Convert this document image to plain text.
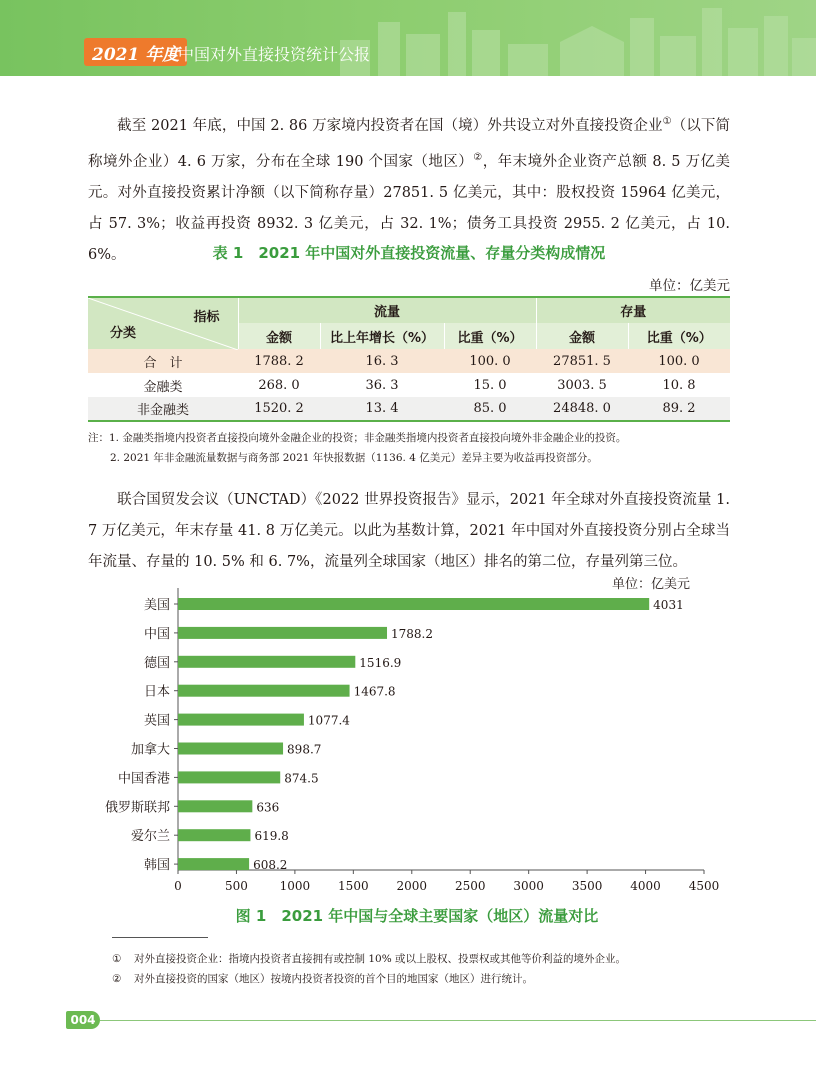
2021 年度
中国对外直接投资统计公报

截至 2021 年底，中国 2. 86 万家境内投资者在国（境）外共设立对外直接投资企业①（以下简称境外企业）4. 6 万家，分布在全球 190 个国家（地区）②，年末境外企业资产总额 8. 5 万亿美元。对外直接投资累计净额（以下简称存量）27851. 5 亿美元，其中：股权投资 15964 亿美元，占 57. 3%；收益再投资 8932. 3 亿美元，占 32. 1%；债务工具投资 2955. 2 亿美元，占 10. 6%。	表 1　2021 年中国对外直接投资流量、存量分类构成情况
单位：亿美元
指标
分类	流量			存量	
	金额	比上年增长（%）	比重（%）	金额	比重（%）
合　计	1788. 2	16. 3	100. 0	27851. 5	100. 0
金融类	268. 0	36. 3	15. 0	3003. 5	10. 8
非金融类	1520. 2	13. 4	85. 0	24848. 0	89. 2
注：1. 金融类指境内投资者直接投向境外金融企业的投资；非金融类指境内投资者直接投向境外非金融企业的投资。
2. 2021 年非金融流量数据与商务部 2021 年快报数据（1136. 4 亿美元）差异主要为收益再投资部分。

联合国贸发会议（UNCTAD）《2022 世界投资报告》显示，2021 年全球对外直接投资流量 1. 7 万亿美元，年末存量 41. 8 万亿美元。以此为基数计算，2021 年中国对外直接投资分别占全球当年流量、存量的 10. 5% 和 6. 7%，流量列全球国家（地区）排名的第二位，存量列第三位。

单位：亿美元
0	500	1000 1500 2000 2500 3000 3500 4000 4500
美国	4031
中国	1788.2
德国	1516.9
日本	1467.8
英国	1077.4
加拿大	898.7
中国香港	874.5
俄罗斯联邦	636
爱尔兰	619.8
韩国	608.2
图 1　2021 年中国与全球主要国家（地区）流量对比
① 对外直接投资企业：指境内投资者直接拥有或控制 10% 或以上股权、投票权或其他等价利益的境外企业。
② 对外直接投资的国家（地区）按境内投资者投资的首个目的地国家（地区）进行统计。
004
